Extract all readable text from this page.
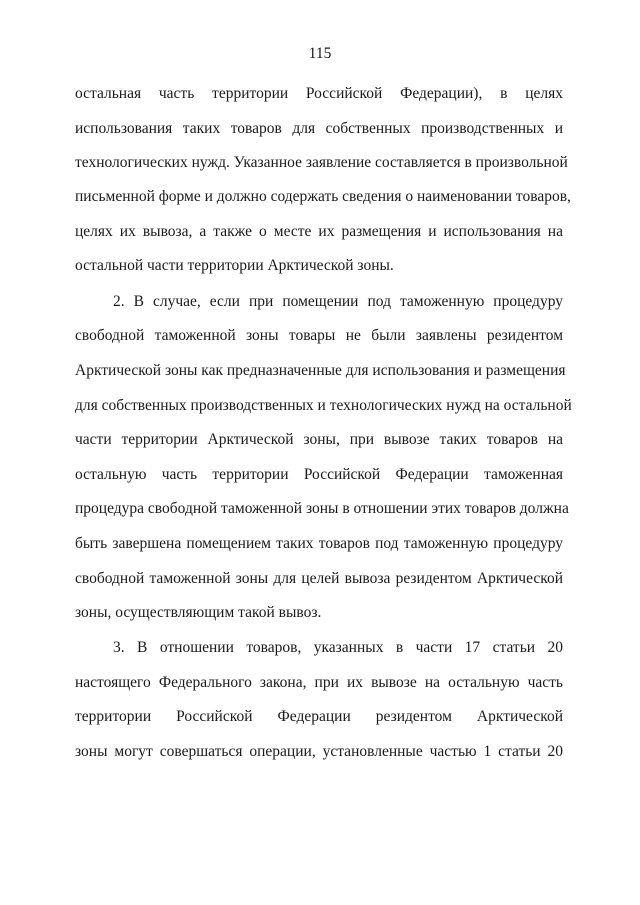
115
остальная часть территории Российской Федерации), в целях
использования таких товаров для собственных производственных и
технологических нужд. Указанное заявление составляется в произвольной
письменной форме и должно содержать сведения о наименовании товаров,
целях их вывоза, а также о месте их размещения и использования на
остальной части территории Арктической зоны.
2. В случае, если при помещении под таможенную процедуру
свободной таможенной зоны товары не были заявлены резидентом
Арктической зоны как предназначенные для использования и размещения
для собственных производственных и технологических нужд на остальной
части территории Арктической зоны, при вывозе таких товаров на
остальную часть территории Российской Федерации таможенная
процедура свободной таможенной зоны в отношении этих товаров должна
быть завершена помещением таких товаров под таможенную процедуру
свободной таможенной зоны для целей вывоза резидентом Арктической
зоны, осуществляющим такой вывоз.
3. В отношении товаров, указанных в части 17 статьи 20
настоящего Федерального закона, при их вывозе на остальную часть
территории Российской Федерации резидентом Арктической
зоны могут совершаться операции, установленные частью 1 статьи 20
